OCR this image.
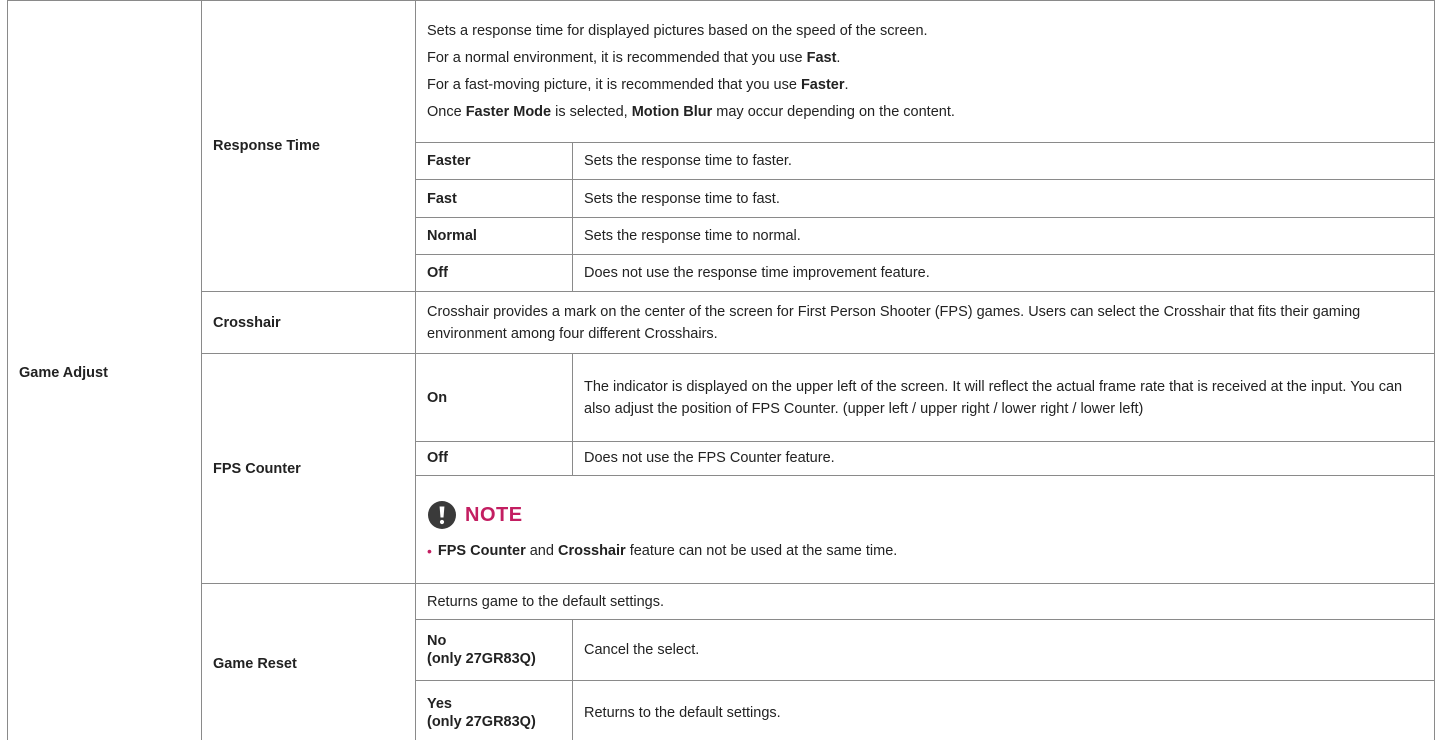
Game Adjust	Response Time	Sets a response time for displayed pictures based on the speed of the screen.
For a normal environment, it is recommended that you use Fast.
For a fast-moving picture, it is recommended that you use Faster.
Once Faster Mode is selected, Motion Blur may occur depending on the content.	

		Faster	Sets the response time to faster.
		Fast	Sets the response time to fast.
		Normal	Sets the response time to normal.
		Off	Does not use the response time improvement feature.
	Crosshair	Crosshair provides a mark on the center of the screen for First Person Shooter (FPS) games. Users can select the Crosshair that fits their gaming environment among four different Crosshairs.	

	FPS Counter	On	The indicator is displayed on the upper left of the screen. It will reflect the actual frame rate that is received at the input. You can also adjust the position of FPS Counter. (upper left / upper right / lower right / lower left)

		Off	Does not use the FPS Counter feature.

		NOTE
• FPS Counter and Crosshair feature can not be used at the same time.	

	Game Reset	Returns game to the default settings.	

		No
(only 27GR83Q)	Cancel the select.

		Yes
(only 27GR83Q)	Returns to the default settings.
